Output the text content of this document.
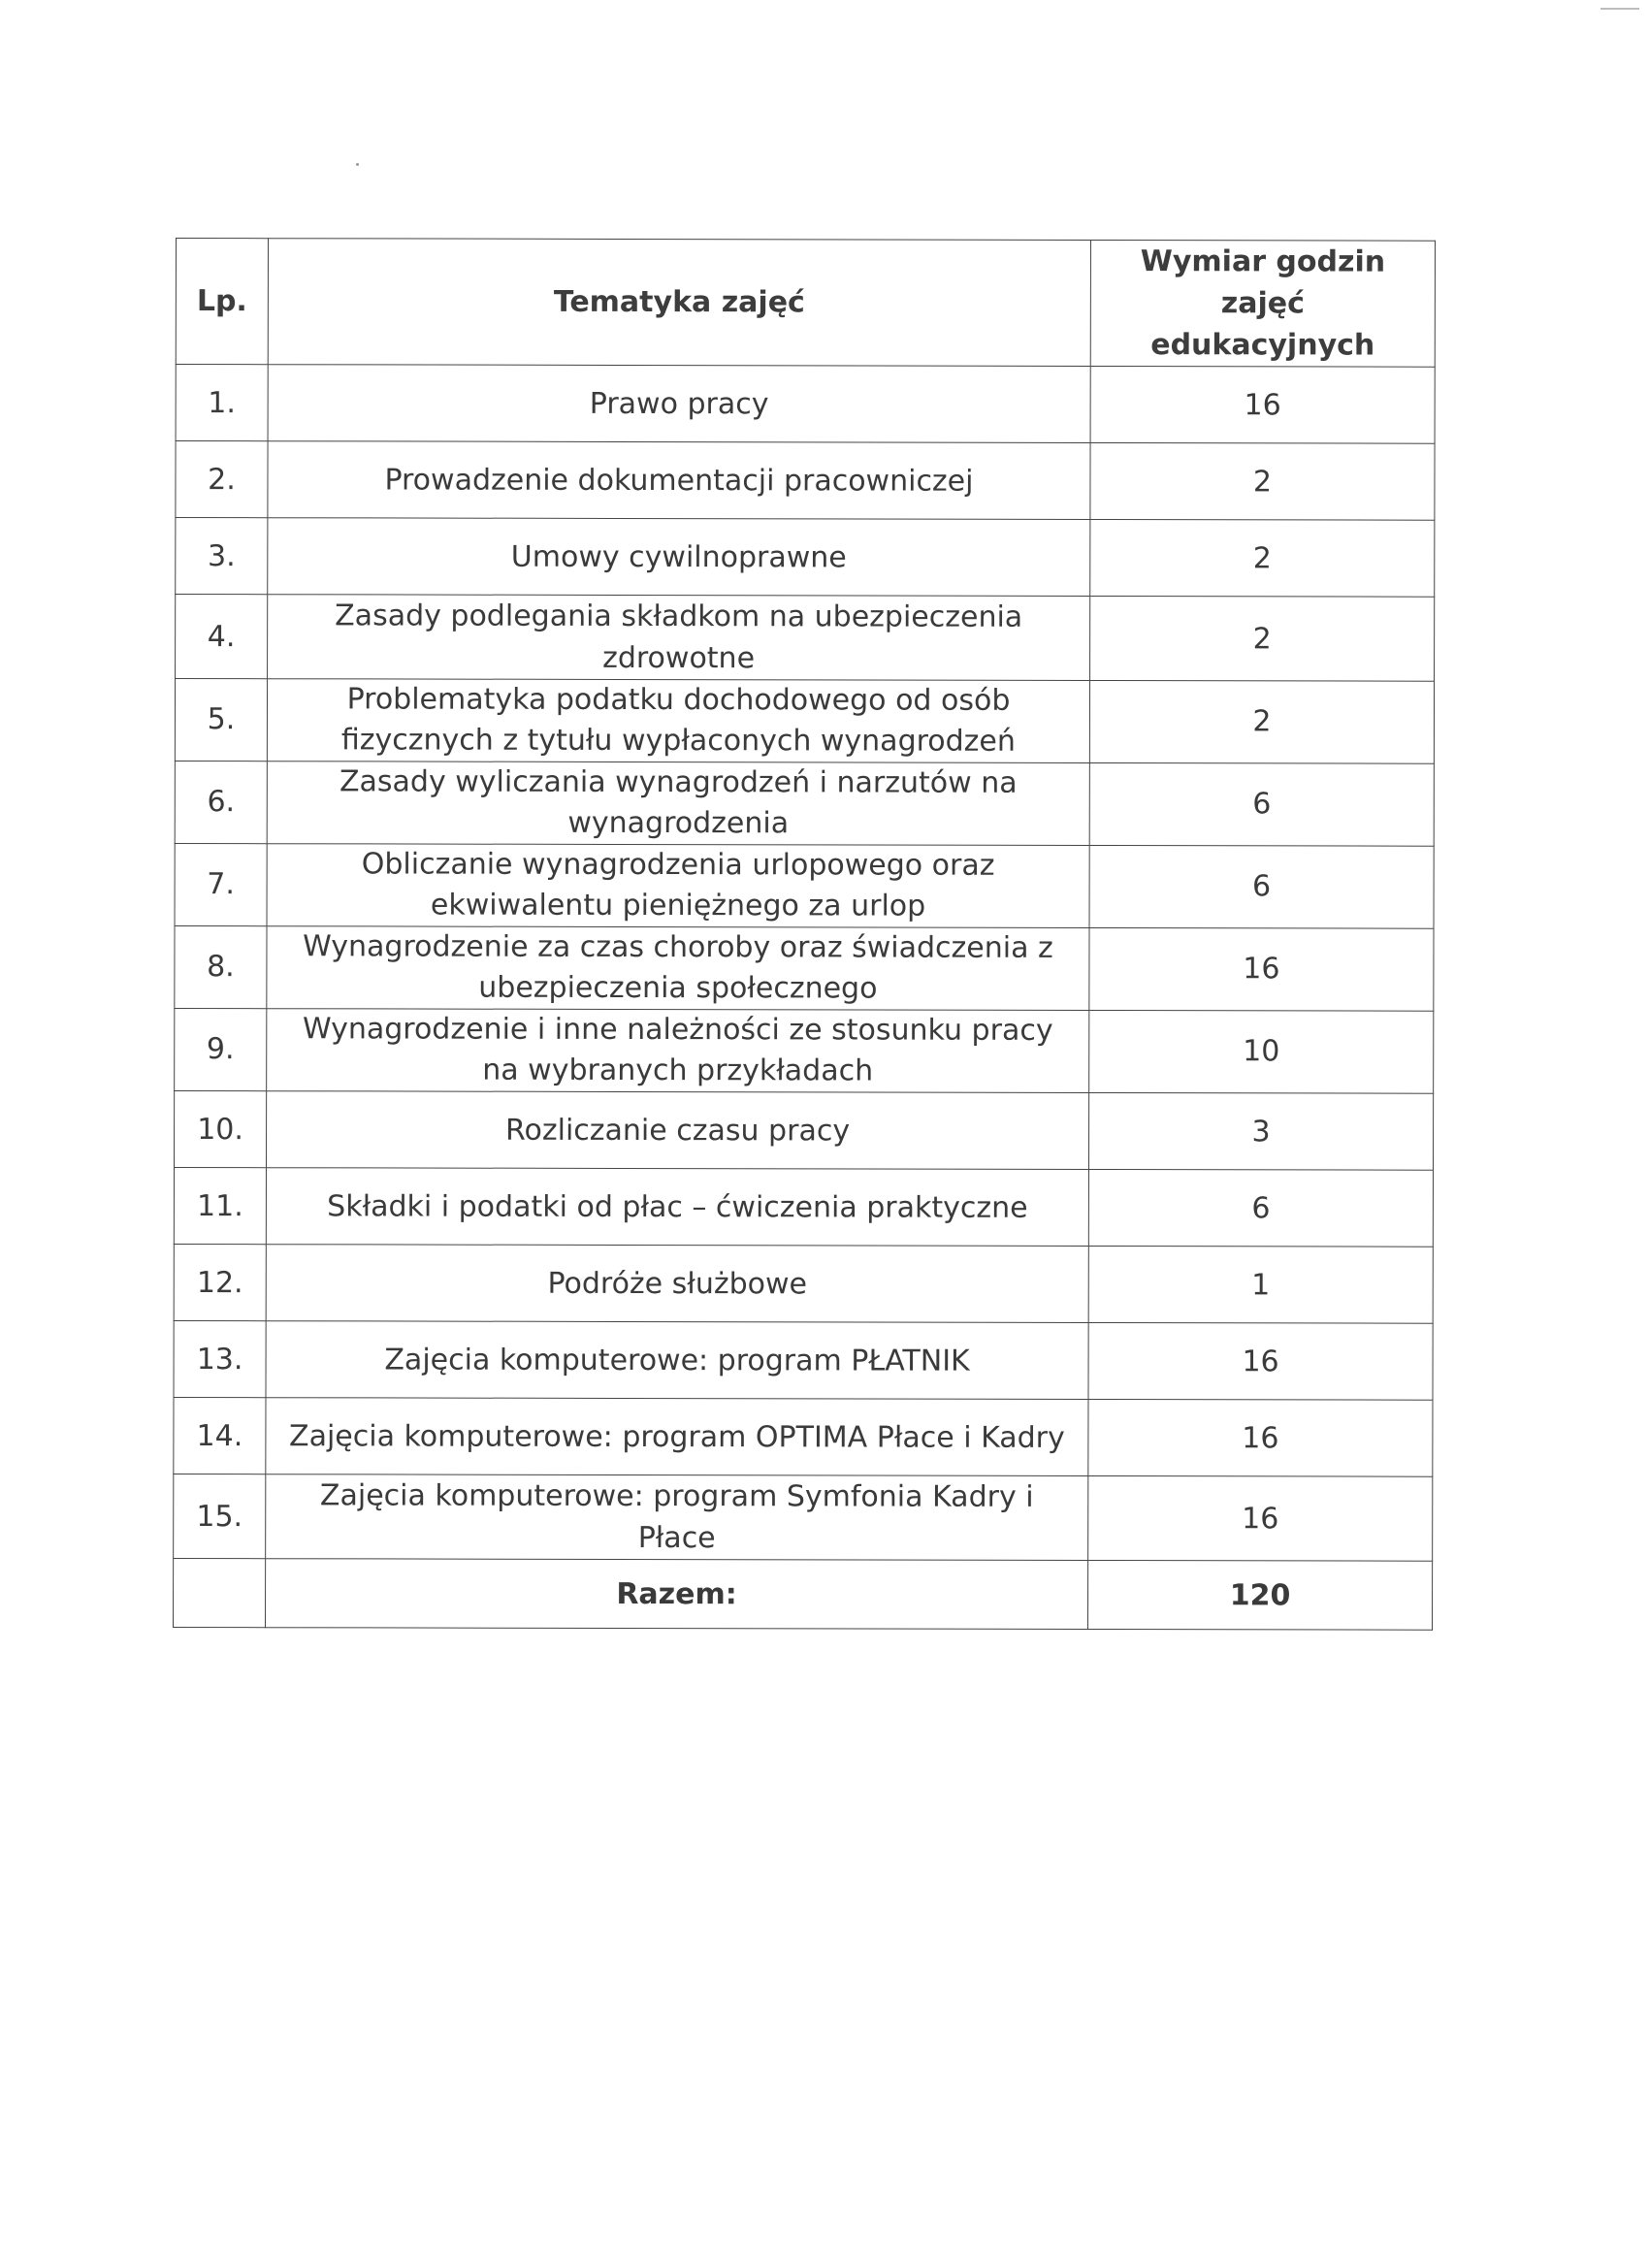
Lp.	Tematyka zajęć	Wymiar godzin zajęć edukacyjnych
1.	Prawo pracy	16
2.	Prowadzenie dokumentacji pracowniczej	2
3.	Umowy cywilnoprawne	2
4.	Zasady podlegania składkom na ubezpieczenia zdrowotne	2
5.	Problematyka podatku dochodowego od osób fizycznych z tytułu wypłaconych wynagrodzeń	2
6.	Zasady wyliczania wynagrodzeń i narzutów na wynagrodzenia	6
7.	Obliczanie wynagrodzenia urlopowego oraz ekwiwalentu pieniężnego za urlop	6
8.	Wynagrodzenie za czas choroby oraz świadczenia z ubezpieczenia społecznego	16
9.	Wynagrodzenie i inne należności ze stosunku pracy na wybranych przykładach	10
10.	Rozliczanie czasu pracy	3
11.	Składki i podatki od płac – ćwiczenia praktyczne	6
12.	Podróże służbowe	1
13.	Zajęcia komputerowe: program PŁATNIK	16
14.	Zajęcia komputerowe: program OPTIMA Płace i Kadry	16
15.	Zajęcia komputerowe: program Symfonia Kadry i Płace	16
	Razem:	120
